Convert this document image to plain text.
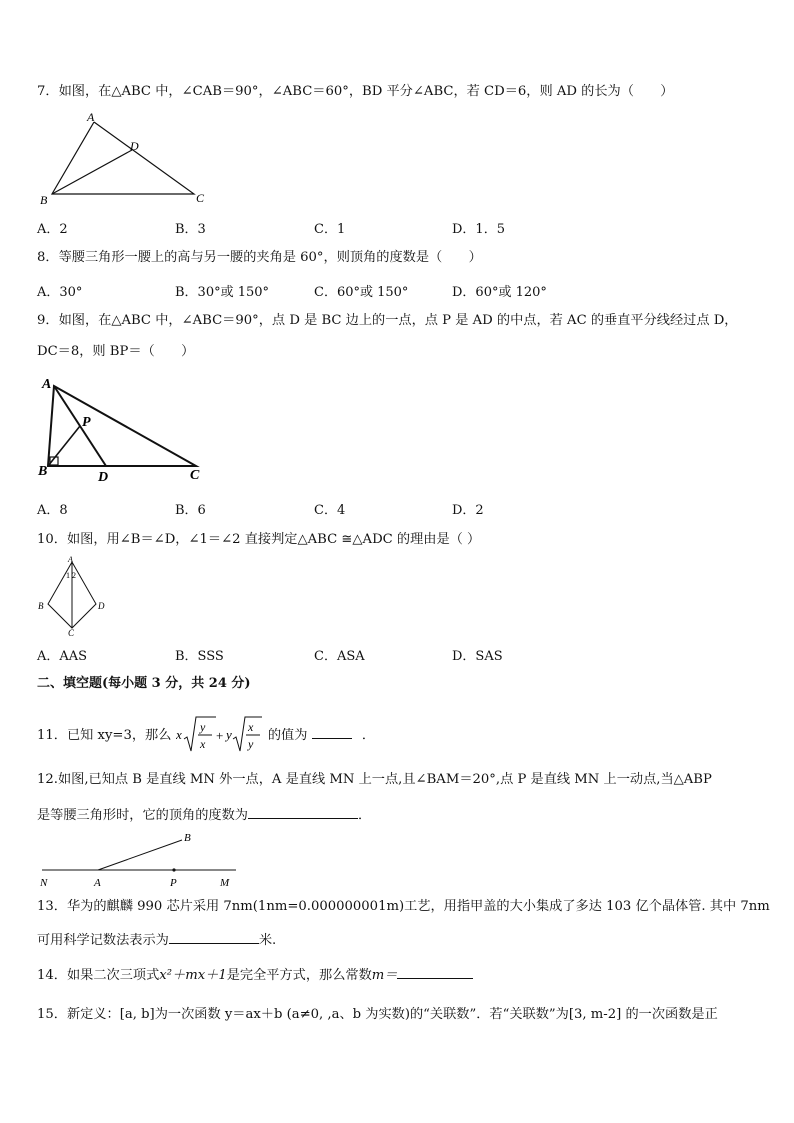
7．如图，在△ABC 中，∠CAB＝90°，∠ABC＝60°，BD 平分∠ABC，若 CD＝6，则 AD 的长为（　　）
A
D
B	C
A．2	B．3	C．1	D．1．5
8．等腰三角形一腰上的高与另一腰的夹角是 60°，则顶角的度数是（　　）
A．30°	B．30°或 150°	C．60°或 150°	D．60°或 120°
9．如图，在△ABC 中，∠ABC＝90°，点 D 是 BC 边上的一点，点 P 是 AD 的中点，若 AC 的垂直平分线经过点 D，
DC＝8，则 BP＝（　　）
A
P
B	D	C
A．8	B．6	C．4	D．2
10．如图，用∠B＝∠D，∠1＝∠2 直接判定△ABC ≅△ADC 的理由是（ ）
A
1 2
B	D
C
A．AAS	B．SSS	C．ASA	D．SAS
二、填空题(每小题 3 分，共 24 分)
11．已知 xy=3，那么 x y
x
+ y x
y
的值为	．
12.如图,已知点 B 是直线 MN 外一点，A 是直线 MN 上一点,且∠BAM＝20°,点 P 是直线 MN 上一动点,当△ABP
是等腰三角形时，它的顶角的度数为	．
B
N	A	P	M
13．华为的麒麟 990 芯片采用 7nm(1nm=0.000000001m)工艺，用指甲盖的大小集成了多达 103 亿个晶体管. 其中 7nm
可用科学记数法表示为	米.
14．如果二次三项式x²＋mx＋1是完全平方式，那么常数m＝
15．新定义：[a, b]为一次函数 y＝ax＋b (a≠0, ,a、b 为实数)的“关联数”．若“关联数”为[3, m-2] 的一次函数是正
